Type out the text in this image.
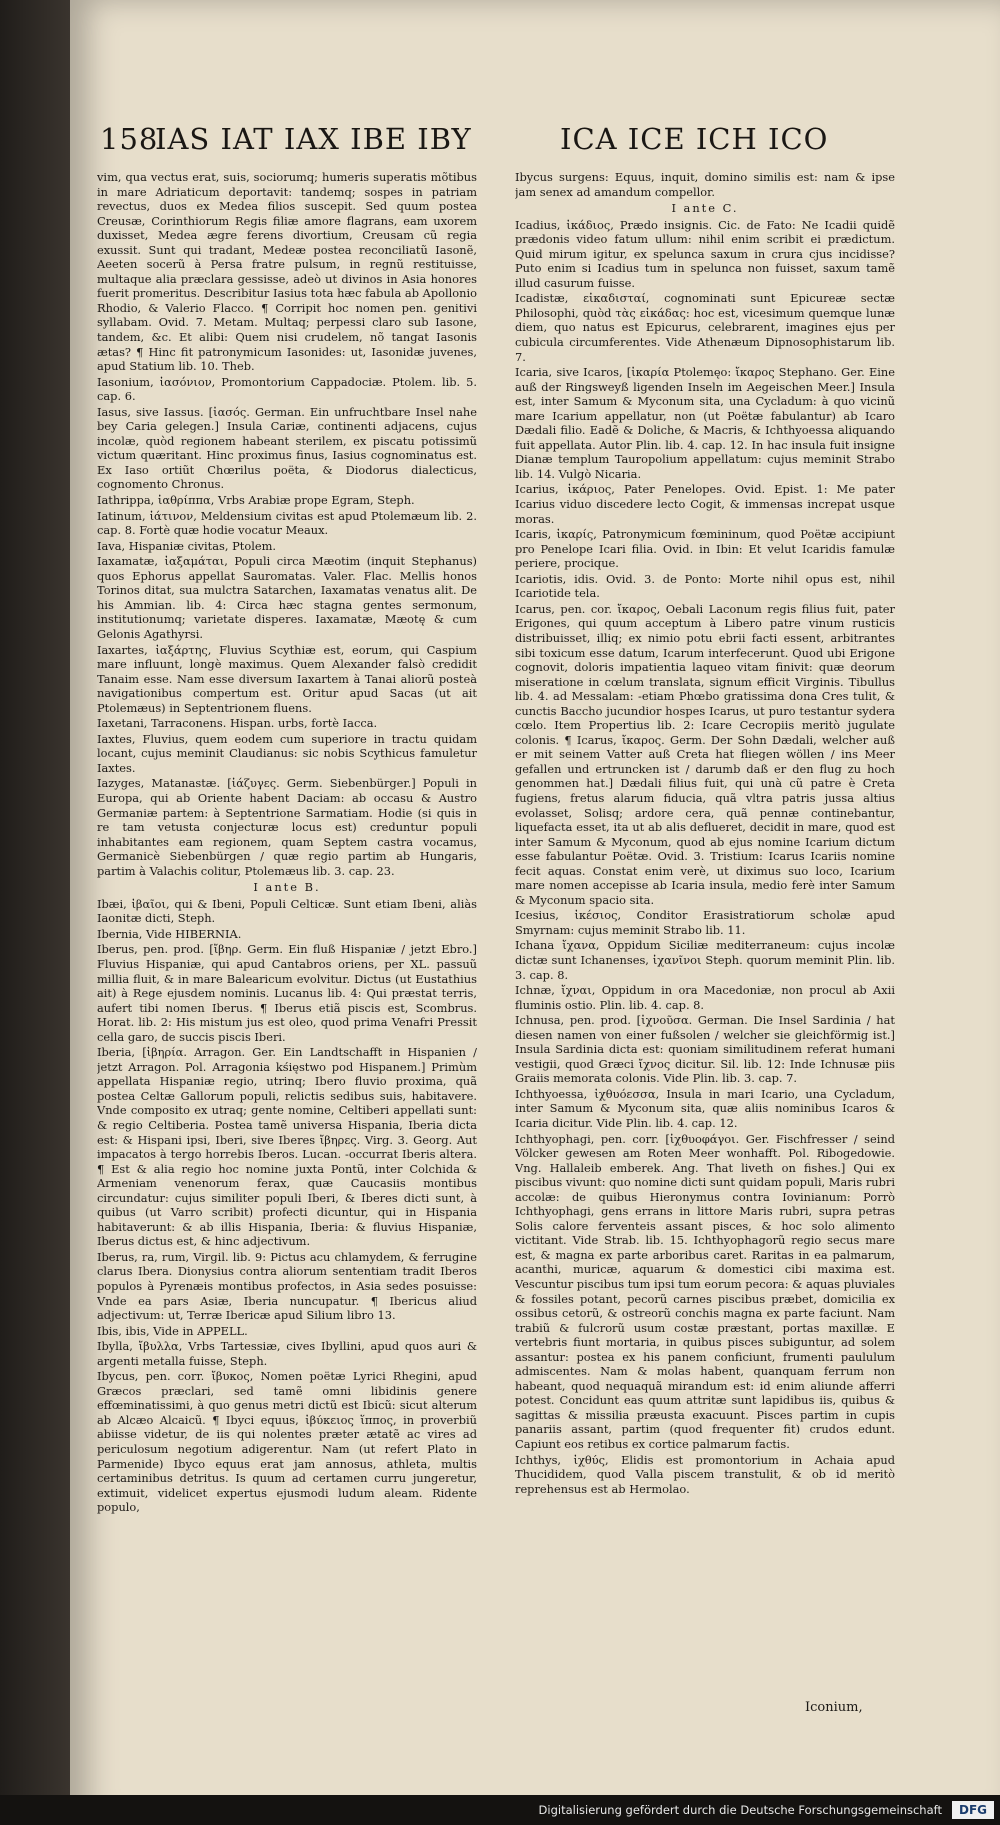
158
IAS IAT IAX IBE IBY	ICA ICE ICH ICO

vim, qua vectus erat, suis, sociorumq; humeris superatis mõtibus in mare Adriaticum deportavit: tandemq; sospes in patriam revectus, duos ex Medea filios suscepit. Sed quum postea Creusæ, Corinthiorum Regis filiæ amore flagrans, eam uxorem duxisset, Medea ægre ferens divortium, Creusam cũ regia exussit. Sunt qui tradant, Medeæ postea reconciliatũ Iasonẽ, Aeeten socerũ à Persa fratre pulsum, in regnũ restituisse, multaque alia præclara gessisse, adeò ut divinos in Asia honores fuerit promeritus. Describitur Iasius tota hæc fabula ab Apollonio Rhodio, & Valerio Flacco. ¶ Corripit hoc nomen pen. genitivi syllabam. Ovid. 7. Metam. Multaq; perpessi claro sub Iasone, tandem, &c. Et alibi: Quem nisi crudelem, nõ tangat Iasonis ætas? ¶ Hinc fit patronymicum Iasonides: ut, Iasonidæ juvenes, apud Statium lib. 10. Theb.

Iasonium, ἰασόνιον, Promontorium Cappadociæ. Ptolem. lib. 5. cap. 6.

Iasus, sive Iassus. [ἰασός. German. Ein unfruchtbare Insel nahe bey Caria gelegen.] Insula Cariæ, continenti adjacens, cujus incolæ, quòd regionem habeant sterilem, ex piscatu potissimũ victum quæritant. Hinc proximus finus, Iasius cognominatus est. Ex Iaso ortiũt Chœrilus poëta, & Diodorus dialecticus, cognomento Chronus.

Iathrippa, ἰαθρίππα, Vrbs Arabiæ prope Egram, Steph.

Iatinum, ἰάτινον, Meldensium civitas est apud Ptolemæum lib. 2. cap. 8. Fortè quæ hodie vocatur Meaux.

Iava, Hispaniæ civitas, Ptolem.

Iaxamatæ, ἰαξαμάται, Populi circa Mæotim (inquit Stephanus) quos Ephorus appellat Sauromatas. Valer. Flac. Mellis honos Torinos ditat, sua mulctra Satarchen, Iaxamatas venatus alit. De his Ammian. lib. 4: Circa hæc stagna gentes sermonum, institutionumq; varietate disperes. Iaxamatæ, Mæotę & cum Gelonis Agathyrsi.

Iaxartes, ἰαξάρτης, Fluvius Scythiæ est, eorum, qui Caspium mare influunt, longè maximus. Quem Alexander falsò credidit Tanaim esse. Nam esse diversum Iaxartem à Tanai aliorũ posteà navigationibus compertum est. Oritur apud Sacas (ut ait Ptolemæus) in Septentrionem fluens.

Iaxetani, Tarraconens. Hispan. urbs, fortè Iacca.

Iaxtes, Fluvius, quem eodem cum superiore in tractu quidam locant, cujus meminit Claudianus: sic nobis Scythicus famuletur Iaxtes.

Iazyges, Matanastæ. [ἰάζυγες. Germ. Siebenbürger.] Populi in Europa, qui ab Oriente habent Daciam: ab occasu & Austro Germaniæ partem: à Septentrione Sarmatiam. Hodie (si quis in re tam vetusta conjecturæ locus est) creduntur populi inhabitantes eam regionem, quam Septem castra vocamus, Germanicè Siebenbürgen / quæ regio partim ab Hungaris, partim à Valachis colitur, Ptolemæus lib. 3. cap. 23.

I ante B.

Ibæi, ἰβαῖοι, qui & Ibeni, Populi Celticæ. Sunt etiam Ibeni, aliàs Iaonitæ dicti, Steph.

Ibernia, Vide HIBERNIA.

Iberus, pen. prod. [ἴβηρ. Germ. Ein fluß Hispaniæ / jetzt Ebro.] Fluvius Hispaniæ, qui apud Cantabros oriens, per XL. passuũ millia fluit, & in mare Balearicum evolvitur. Dictus (ut Eustathius ait) à Rege ejusdem nominis. Lucanus lib. 4: Qui præstat terris, aufert tibi nomen Iberus. ¶ Iberus etiã piscis est, Scombrus. Horat. lib. 2: His mistum jus est oleo, quod prima Venafri Pressit cella garo, de succis piscis Iberi.

Iberia, [ἰβηρία. Arragon. Ger. Ein Landtschafft in Hispanien / jetzt Arragon. Pol. Arragonia kśięstwo pod Hispanem.] Primùm appellata Hispaniæ regio, utrinq; Ibero fluvio proxima, quã postea Celtæ Gallorum populi, relictis sedibus suis, habitavere. Vnde composito ex utraq; gente nomine, Celtiberi appellati sunt: & regio Celtiberia. Postea tamẽ universa Hispania, Iberia dicta est: & Hispani ipsi, Iberi, sive Iberes ἴβηρες. Virg. 3. Georg. Aut impacatos à tergo horrebis Iberos. Lucan. -occurrat Iberis altera. ¶ Est & alia regio hoc nomine juxta Pontũ, inter Colchida & Armeniam venenorum ferax, quæ Caucasiis montibus circundatur: cujus similiter populi Iberi, & Iberes dicti sunt, à quibus (ut Varro scribit) profecti dicuntur, qui in Hispania habitaverunt: & ab illis Hispania, Iberia: & fluvius Hispaniæ, Iberus dictus est, & hinc adjectivum.

Iberus, ra, rum, Virgil. lib. 9: Pictus acu chlamydem, & ferrugine clarus Ibera. Dionysius contra aliorum sententiam tradit Iberos populos à Pyrenæis montibus profectos, in Asia sedes posuisse: Vnde ea pars Asiæ, Iberia nuncupatur. ¶ Ibericus aliud adjectivum: ut, Terræ Ibericæ apud Silium libro 13.

Ibis, ibis, Vide in APPELL.

Ibylla, ἴβυλλα, Vrbs Tartessiæ, cives Ibyllini, apud quos auri & argenti metalla fuisse, Steph.

Ibycus, pen. corr. ἴβυκος, Nomen poëtæ Lyrici Rhegini, apud Græcos præclari, sed tamẽ omni libidinis genere effœminatissimi, à quo genus metri dictũ est Ibicũ: sicut alterum ab Alcæo Alcaicũ. ¶ Ibyci equus, ἰβύκειος ἵππος, in proverbiũ abiisse videtur, de iis qui nolentes præter ætatẽ ac vires ad periculosum negotium adigerentur. Nam (ut refert Plato in Parmenide) Ibyco equus erat jam annosus, athleta, multis certaminibus detritus. Is quum ad certamen curru jungeretur, extimuit, videlicet expertus ejusmodi ludum aleam. Ridente populo,

Ibycus surgens: Equus, inquit, domino similis est: nam & ipse jam senex ad amandum compellor.

I ante C.

Icadius, ἰκάδιος, Prædo insignis. Cic. de Fato: Ne Icadii quidẽ prædonis video fatum ullum: nihil enim scribit ei prædictum. Quid mirum igitur, ex spelunca saxum in crura cjus incidisse? Puto enim si Icadius tum in spelunca non fuisset, saxum tamẽ illud casurum fuisse.

Icadistæ, εἰκαδισταί, cognominati sunt Epicureæ sectæ Philosophi, quòd τὰς εἰκάδας: hoc est, vicesimum quemque lunæ diem, quo natus est Epicurus, celebrarent, imagines ejus per cubicula circumferentes. Vide Athenæum Dipnosophistarum lib. 7.

Icaria, sive Icaros, [ἰκαρία Ptolemęo: ἴκαρος Stephano. Ger. Eine auß der Ringsweyß ligenden Inseln im Aegeischen Meer.] Insula est, inter Samum & Myconum sita, una Cycladum: à quo vicinũ mare Icarium appellatur, non (ut Poëtæ fabulantur) ab Icaro Dædali filio. Eadẽ & Doliche, & Macris, & Ichthyoessa aliquando fuit appellata. Autor Plin. lib. 4. cap. 12. In hac insula fuit insigne Dianæ templum Tauropolium appellatum: cujus meminit Strabo lib. 14. Vulgò Nicaria.

Icarius, ἰκάριος, Pater Penelopes. Ovid. Epist. 1: Me pater Icarius viduo discedere lecto Cogit, & immensas increpat usque moras.

Icaris, ἰκαρίς, Patronymicum fœmininum, quod Poëtæ accipiunt pro Penelope Icari filia. Ovid. in Ibin: Et velut Icaridis famulæ periere, procique.

Icariotis, idis. Ovid. 3. de Ponto: Morte nihil opus est, nihil Icariotide tela.

Icarus, pen. cor. ἴκαρος, Oebali Laconum regis filius fuit, pater Erigones, qui quum acceptum à Libero patre vinum rusticis distribuisset, illiq; ex nimio potu ebrii facti essent, arbitrantes sibi toxicum esse datum, Icarum interfecerunt. Quod ubi Erigone cognovit, doloris impatientia laqueo vitam finivit: quæ deorum miseratione in cœlum translata, signum efficit Virginis. Tibullus lib. 4. ad Messalam: -etiam Phœbo gratissima dona Cres tulit, & cunctis Baccho jucundior hospes Icarus, ut puro testantur sydera cœlo. Item Propertius lib. 2: Icare Cecropiis meritò jugulate colonis. ¶ Icarus, ἴκαρος. Germ. Der Sohn Dædali, welcher auß er mit seinem Vatter auß Creta hat fliegen wöllen / ins Meer gefallen und ertruncken ist / darumb daß er den flug zu hoch genommen hat.] Dædali filius fuit, qui unà cũ patre è Creta fugiens, fretus alarum fiducia, quã vltra patris jussa altius evolasset, Solisq; ardore cera, quã pennæ continebantur, liquefacta esset, ita ut ab alis deflueret, decidit in mare, quod est inter Samum & Myconum, quod ab ejus nomine Icarium dictum esse fabulantur Poëtæ. Ovid. 3. Tristium: Icarus Icariis nomine fecit aquas. Constat enim verè, ut diximus suo loco, Icarium mare nomen accepisse ab Icaria insula, medio ferè inter Samum & Myconum spacio sita.

Icesius, ἰκέσιος, Conditor Erasistratiorum scholæ apud Smyrnam: cujus meminit Strabo lib. 11.

Ichana ἴχανα, Oppidum Siciliæ mediterraneum: cujus incolæ dictæ sunt Ichanenses, ἰχανῖνοι Steph. quorum meminit Plin. lib. 3. cap. 8.

Ichnæ, ἴχναι, Oppidum in ora Macedoniæ, non procul ab Axii fluminis ostio. Plin. lib. 4. cap. 8.

Ichnusa, pen. prod. [ἰχνοῦσα. German. Die Insel Sardinia / hat diesen namen von einer fußsolen / welcher sie gleichförmig ist.] Insula Sardinia dicta est: quoniam similitudinem referat humani vestigii, quod Græci ἴχνος dicitur. Sil. lib. 12: Inde Ichnusæ piis Graiis memorata colonis. Vide Plin. lib. 3. cap. 7.

Ichthyoessa, ἰχθυόεσσα, Insula in mari Icario, una Cycladum, inter Samum & Myconum sita, quæ aliis nominibus Icaros & Icaria dicitur. Vide Plin. lib. 4. cap. 12.

Ichthyophagi, pen. corr. [ἰχθυοφάγοι. Ger. Fischfresser / seind Völcker gewesen am Roten Meer wonhafft. Pol. Ribogedowie. Vng. Hallaleib emberek. Ang. That liveth on fishes.] Qui ex piscibus vivunt: quo nomine dicti sunt quidam populi, Maris rubri accolæ: de quibus Hieronymus contra Iovinianum: Porrò Ichthyophagi, gens errans in littore Maris rubri, supra petras Solis calore ferventeis assant pisces, & hoc solo alimento victitant. Vide Strab. lib. 15. Ichthyophagorũ regio secus mare est, & magna ex parte arboribus caret. Raritas in ea palmarum, acanthi, muricæ, aquarum & domestici cibi maxima est. Vescuntur piscibus tum ipsi tum eorum pecora: & aquas pluviales & fossiles potant, pecorũ carnes piscibus præbet, domicilia ex ossibus cetorũ, & ostreorũ conchis magna ex parte faciunt. Nam trabiũ & fulcrorũ usum costæ præstant, portas maxillæ. E vertebris fiunt mortaria, in quibus pisces subiguntur, ad solem assantur: postea ex his panem conficiunt, frumenti paululum admiscentes. Nam & molas habent, quanquam ferrum non habeant, quod nequaquã mirandum est: id enim aliunde afferri potest. Concidunt eas quum attritæ sunt lapidibus iis, quibus & sagittas & missilia præusta exacuunt. Pisces partim in cupis panariis assant, partim (quod frequenter fit) crudos edunt. Capiunt eos retibus ex cortice palmarum factis.

Ichthys, ἰχθύς, Elidis est promontorium in Achaia apud Thucididem, quod Valla piscem transtulit, & ob id meritò reprehensus est ab Hermolao.

Iconium,
Digitalisierung gefördert durch die Deutsche Forschungsgemeinschaft	DFG
